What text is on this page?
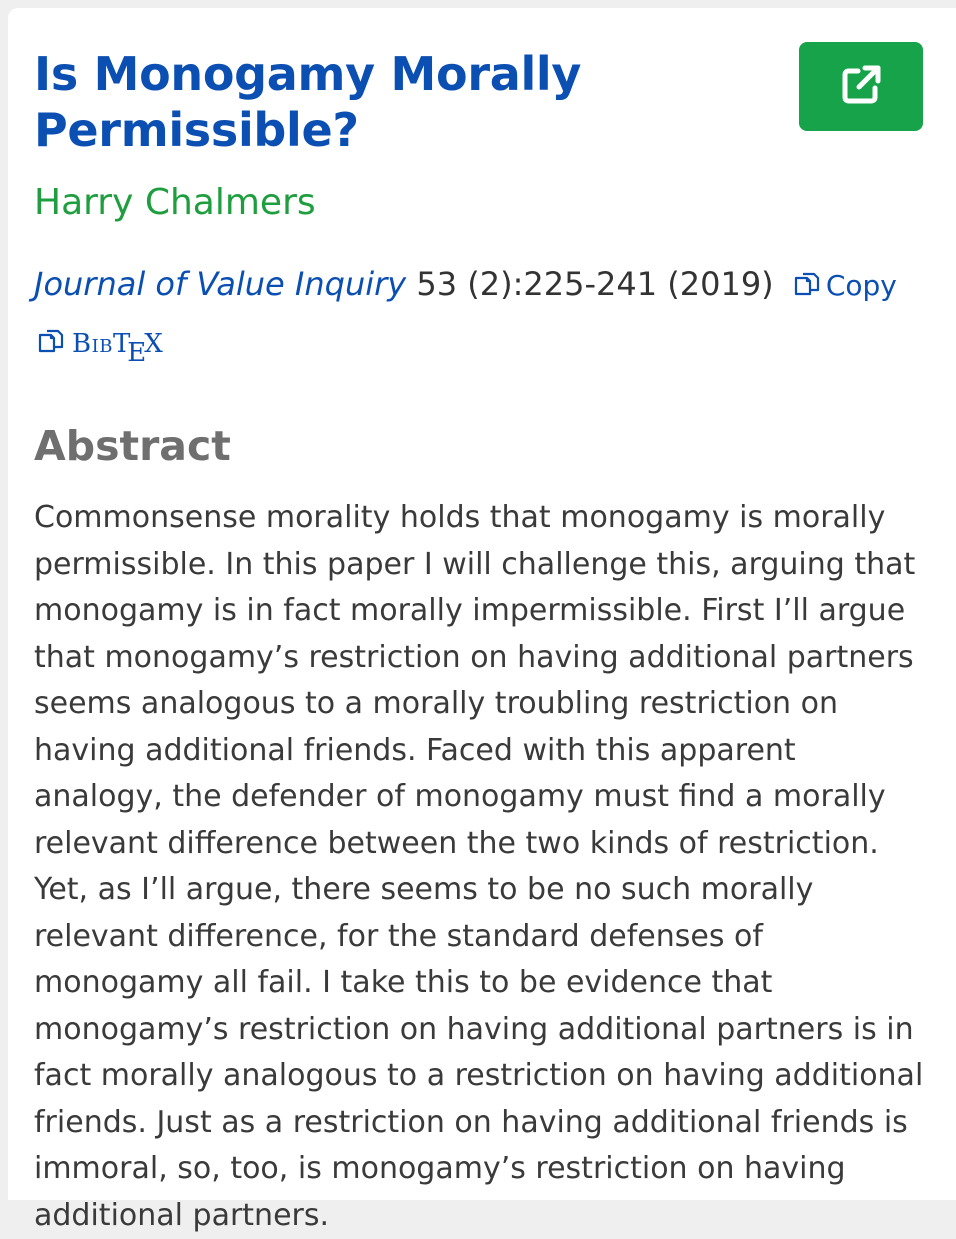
Is Monogamy Morally Permissible?
Harry Chalmers
Journal of Value Inquiry 53 (2):225-241 (2019) Copy
BibTEX
Abstract

Commonsense morality holds that monogamy is morally permissible. In this paper I will challenge this, arguing that monogamy is in fact morally impermissible. First I’ll argue that monogamy’s restriction on having additional partners seems analogous to a morally troubling restriction on having additional friends. Faced with this apparent analogy, the defender of monogamy must find a morally relevant difference between the two kinds of restriction. Yet, as I’ll argue, there seems to be no such morally relevant difference, for the standard defenses of monogamy all fail. I take this to be evidence that monogamy’s restriction on having additional partners is in fact morally analogous to a restriction on having additional friends. Just as a restriction on having additional friends is immoral, so, too, is monogamy’s restriction on having additional partners.
